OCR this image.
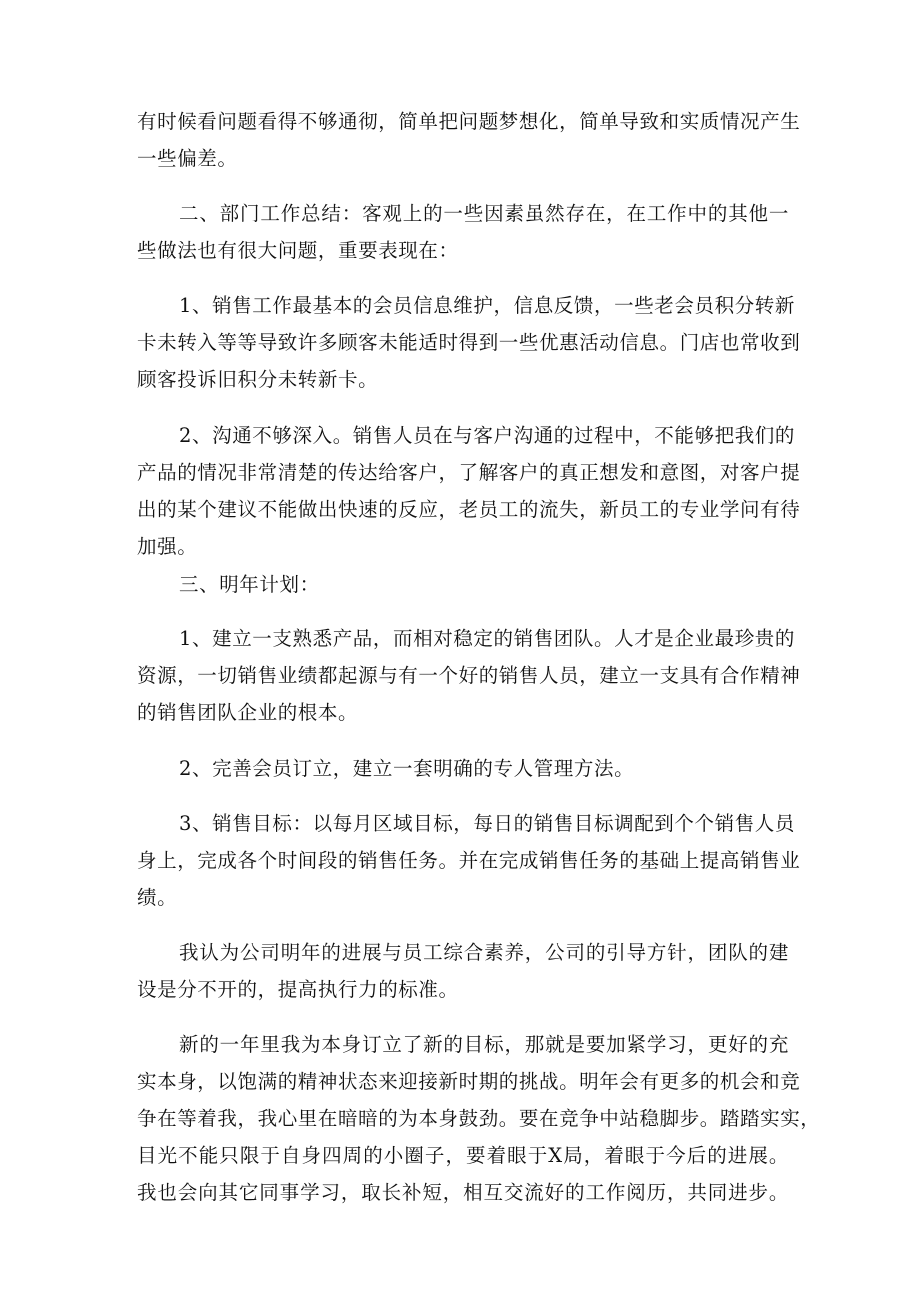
有时候看问题看得不够通彻，简单把问题梦想化，简单导致和实质情况产生
一些偏差。
二、部门工作总结：客观上的一些因素虽然存在，在工作中的其他一
些做法也有很大问题，重要表现在：
1、销售工作最基本的会员信息维护，信息反馈，一些老会员积分转新
卡未转入等等导致许多顾客未能适时得到一些优惠活动信息。门店也常收到
顾客投诉旧积分未转新卡。
2、沟通不够深入。销售人员在与客户沟通的过程中，不能够把我们的
产品的情况非常清楚的传达给客户，了解客户的真正想发和意图，对客户提
出的某个建议不能做出快速的反应，老员工的流失，新员工的专业学问有待
加强。
三、明年计划：
1、建立一支熟悉产品，而相对稳定的销售团队。人才是企业最珍贵的
资源，一切销售业绩都起源与有一个好的销售人员，建立一支具有合作精神
的销售团队企业的根本。
2、完善会员订立，建立一套明确的专人管理方法。
3、销售目标：以每月区域目标，每日的销售目标调配到个个销售人员
身上，完成各个时间段的销售任务。并在完成销售任务的基础上提高销售业
绩。
我认为公司明年的进展与员工综合素养，公司的引导方针，团队的建
设是分不开的，提高执行力的标准。
新的一年里我为本身订立了新的目标，那就是要加紧学习，更好的充
实本身，以饱满的精神状态来迎接新时期的挑战。明年会有更多的机会和竞
争在等着我，我心里在暗暗的为本身鼓劲。要在竞争中站稳脚步。踏踏实实，
目光不能只限于自身四周的小圈子，要着眼于X局，着眼于今后的进展。
我也会向其它同事学习，取长补短，相互交流好的工作阅历，共同进步。
